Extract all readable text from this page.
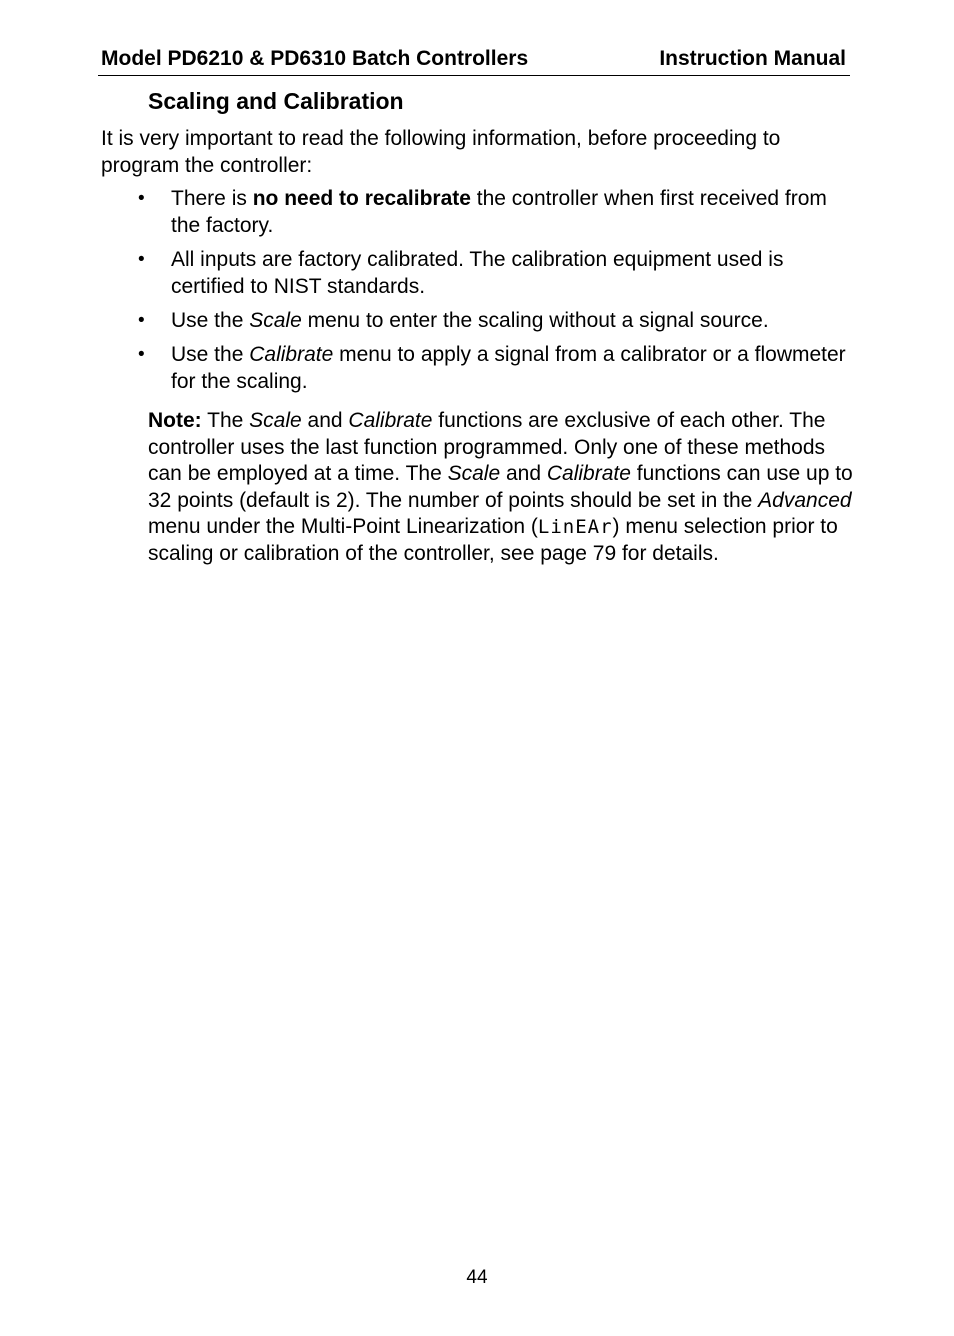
Model PD6210 & PD6310 Batch Controllers	Instruction Manual
Scaling and Calibration
It is very important to read the following information, before proceeding to program the controller:
•	There is no need to recalibrate the controller when first received from the factory.
•	All inputs are factory calibrated. The calibration equipment used is certified to NIST standards.
•	Use the Scale menu to enter the scaling without a signal source.
•	Use the Calibrate menu to apply a signal from a calibrator or a flowmeter for the scaling.
Note: The Scale and Calibrate functions are exclusive of each other. The controller uses the last function programmed. Only one of these methods can be employed at a time. The Scale and Calibrate functions can use up to 32 points (default is 2). The number of points should be set in the Advanced menu under the Multi-Point Linearization (LinEAr) menu selection prior to scaling or calibration of the controller, see page 79 for details.
44
